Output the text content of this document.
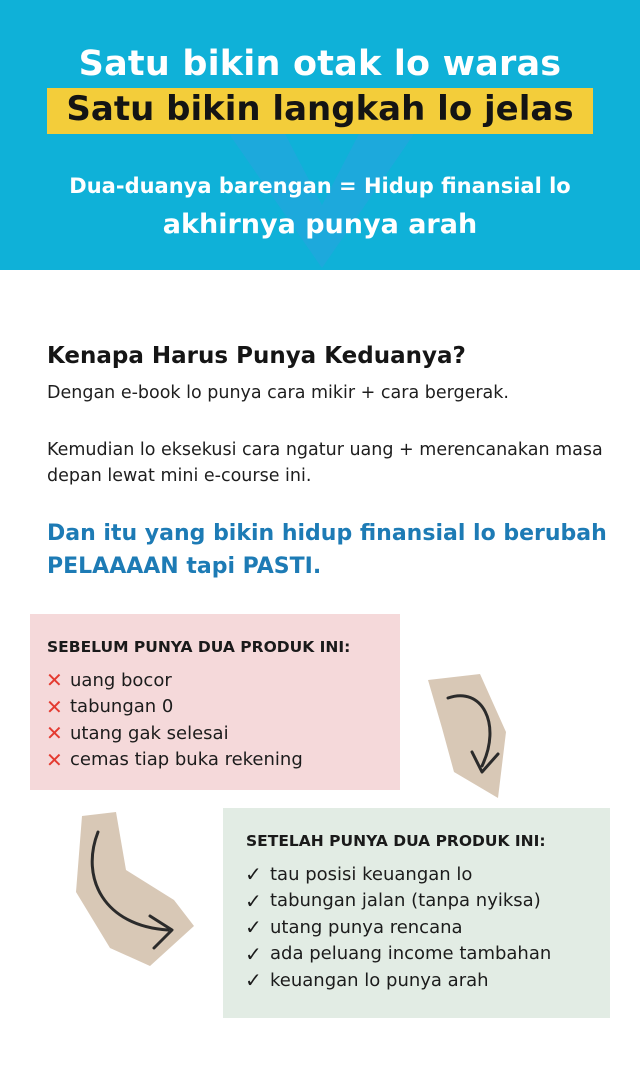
Satu bikin otak lo waras
Satu bikin langkah lo jelas
Dua-duanya barengan = Hidup finansial lo
akhirnya punya arah
Kenapa Harus Punya Keduanya?

Dengan e-book lo punya cara mikir + cara bergerak.

Kemudian lo eksekusi cara ngatur uang + merencanakan masa depan lewat mini e-course ini.

Dan itu yang bikin hidup finansial lo berubah PELAAAAN tapi PASTI.

SEBELUM PUNYA DUA PRODUK INI:
✕ uang bocor
✕ tabungan 0
✕ utang gak selesai
✕ cemas tiap buka rekening
SETELAH PUNYA DUA PRODUK INI:
✓ tau posisi keuangan lo
✓ tabungan jalan (tanpa nyiksa)
✓ utang punya rencana
✓ ada peluang income tambahan
✓ keuangan lo punya arah
